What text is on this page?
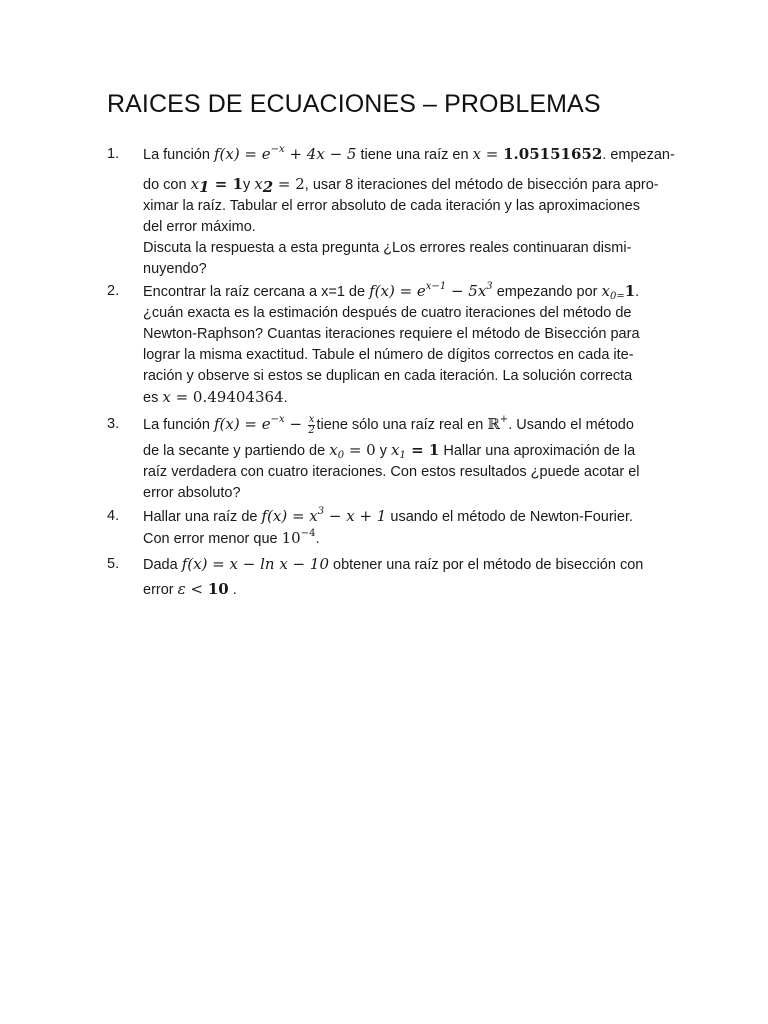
RAICES DE ECUACIONES – PROBLEMAS
1. La función $f(x) = e^{-x} + 4x - 5$ tiene una raíz en x = 1.05151652. empezan-
do con $x_1 = 1y$ $x_2 = 2$, usar 8 iteraciones del método de bisección para apro-
ximar la raíz. Tabular el error absoluto de cada iteración y las aproximaciones
del error máximo.
Discuta la respuesta a esta pregunta ¿Los errores reales continuaran dismi-
nuyendo?
2. Encontrar la raíz cercana a x=1 de $f(x) = e^{x-1} - 5x^3$ empezando por $x_{0=}1$.
¿cuán exacta es la estimación después de cuatro iteraciones del método de
Newton-Raphson? Cuantas iteraciones requiere el método de Bisección para
lograr la misma exactitud. Tabule el número de dígitos correctos en cada ite-
ración y observe si estos se duplican en cada iteración. La solución correcta
es x = 0.49404364.
3. La función $f(x) = e^{-x} - \frac{x}{2}$ tiene sólo una raíz real en ℝ+. Usando el método
de la secante y partiendo de $x_0 = 0$ y $x_1 = 1$ Hallar una aproximación de la
raíz verdadera con cuatro iteraciones. Con estos resultados ¿puede acotar el
error absoluto?
4. Hallar una raíz de $f(x) = x^3 - x + 1$ usando el método de Newton-Fourier.
Con error menor que $10^{-4}$.
5. Dada f(x) = x − ln x − 10 obtener una raíz por el método de bisección con
error ε < 10 .
